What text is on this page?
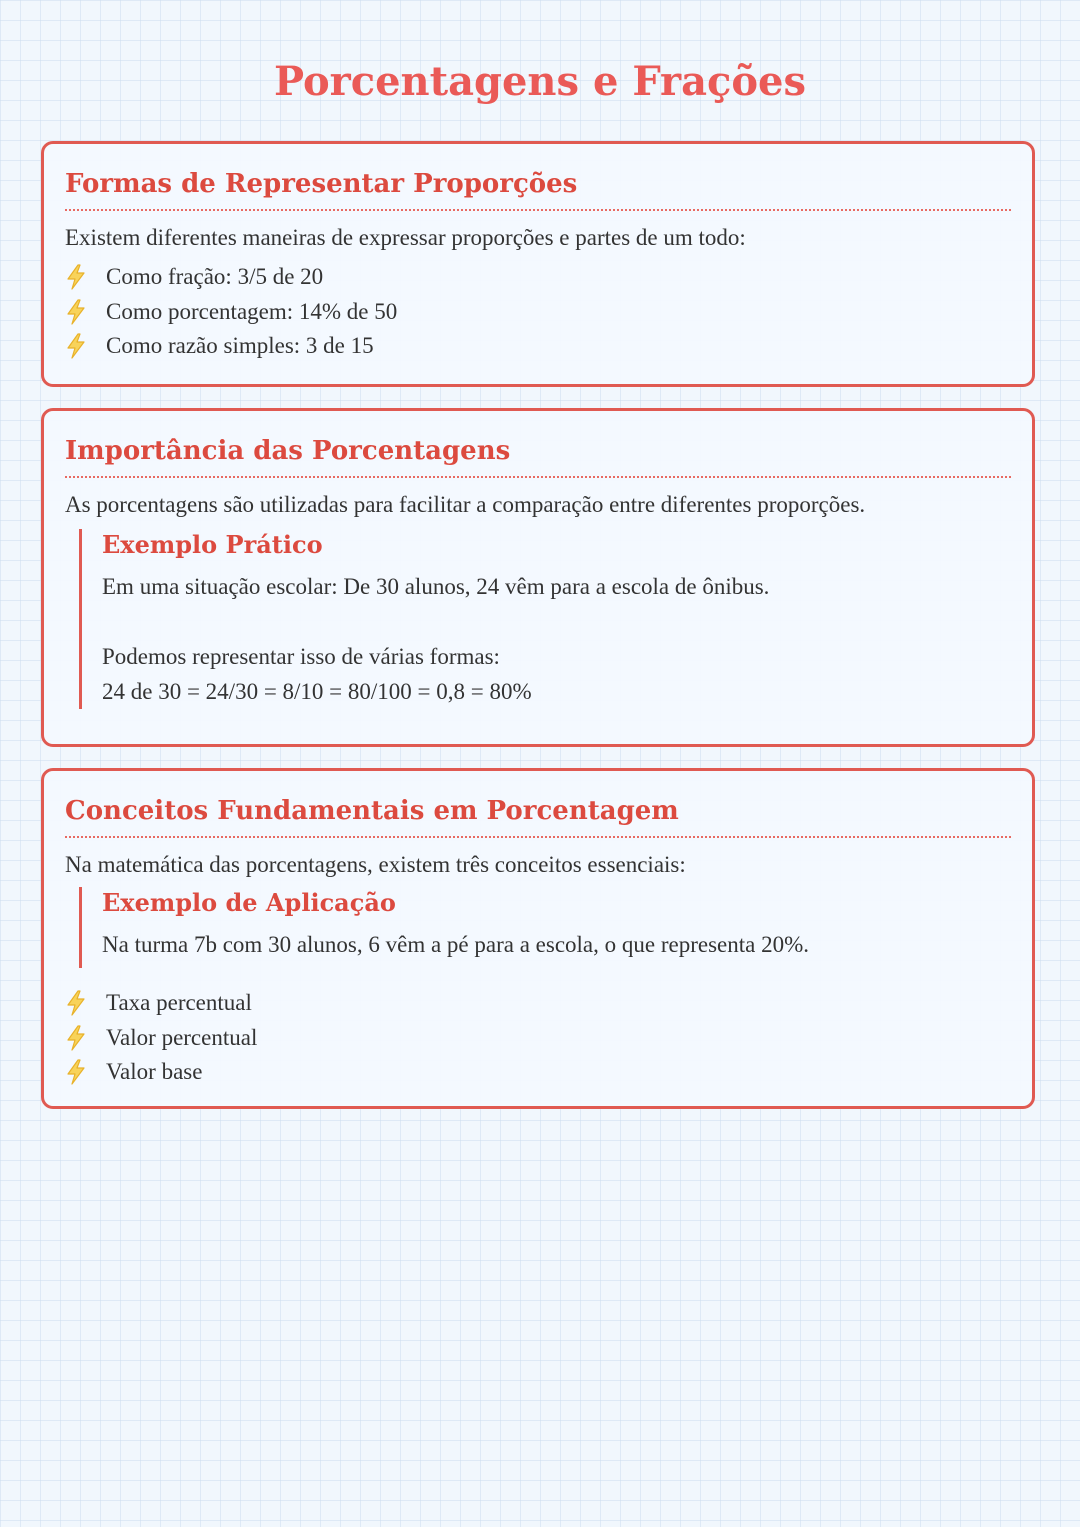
Porcentagens e Frações
Formas de Representar Proporções

Existem diferentes maneiras de expressar proporções e partes de um todo:

Como fração: 3/5 de 20
Como porcentagem: 14% de 50
Como razão simples: 3 de 15
Importância das Porcentagens

As porcentagens são utilizadas para facilitar a comparação entre diferentes proporções.

Exemplo Prático

Em uma situação escolar: De 30 alunos, 24 vêm para a escola de ônibus.

Podemos representar isso de várias formas:

24 de 30 = 24/30 = 8/10 = 80/100 = 0,8 = 80%

Conceitos Fundamentais em Porcentagem

Na matemática das porcentagens, existem três conceitos essenciais:

Exemplo de Aplicação

Na turma 7b com 30 alunos, 6 vêm a pé para a escola, o que representa 20%.

Taxa percentual
Valor percentual
Valor base
